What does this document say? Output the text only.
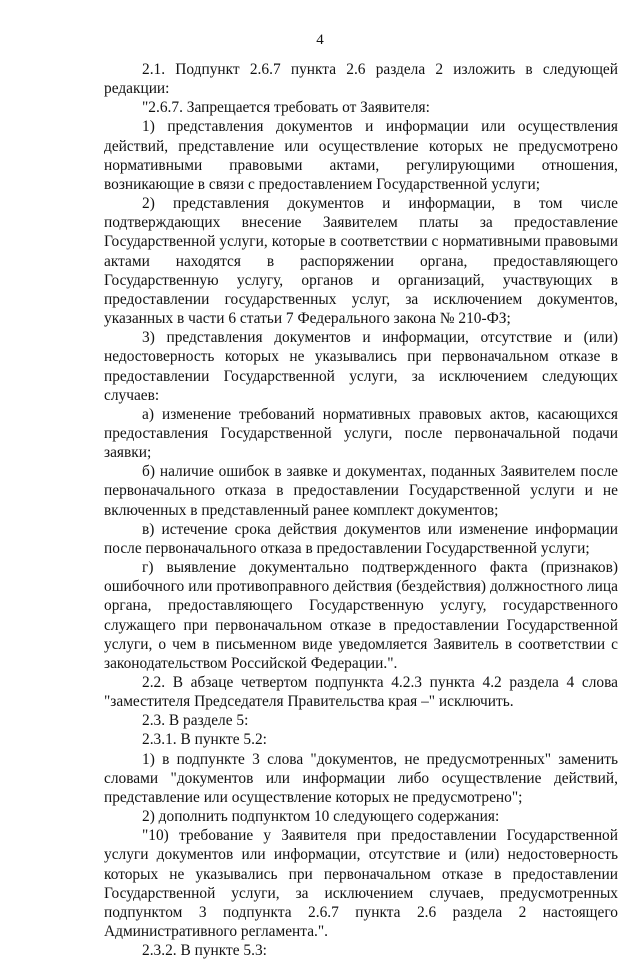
4

2.1. Подпункт 2.6.7 пункта 2.6 раздела 2 изложить в следующей редакции:

"2.6.7. Запрещается требовать от Заявителя:

1) представления документов и информации или осуществления действий, представление или осуществление которых не предусмотрено нормативными правовыми актами, регулирующими отношения, возникающие в связи с предоставлением Государственной услуги;

2) представления документов и информации, в том числе подтверждающих внесение Заявителем платы за предоставление Государственной услуги, которые в соответствии с нормативными правовыми актами находятся в распоряжении органа, предоставляющего Государственную услугу, органов и организаций, участвующих в предоставлении государственных услуг, за исключением документов, указанных в части 6 статьи 7 Федерального закона № 210-ФЗ;

3) представления документов и информации, отсутствие и (или) недостоверность которых не указывались при первоначальном отказе в предоставлении Государственной услуги, за исключением следующих случаев:

а) изменение требований нормативных правовых актов, касающихся предоставления Государственной услуги, после первоначальной подачи заявки;

б) наличие ошибок в заявке и документах, поданных Заявителем после первоначального отказа в предоставлении Государственной услуги и не включенных в представленный ранее комплект документов;

в) истечение срока действия документов или изменение информации после первоначального отказа в предоставлении Государственной услуги;

г) выявление документально подтвержденного факта (признаков) ошибочного или противоправного действия (бездействия) должностного лица органа, предоставляющего Государственную услугу, государственного служащего при первоначальном отказе в предоставлении Государственной услуги, о чем в письменном виде уведомляется Заявитель в соответствии с законодательством Российской Федерации.".

2.2. В абзаце четвертом подпункта 4.2.3 пункта 4.2 раздела 4 слова "заместителя Председателя Правительства края –" исключить.

2.3. В разделе 5:

2.3.1. В пункте 5.2:

1) в подпункте 3 слова "документов, не предусмотренных" заменить словами "документов или информации либо осуществление действий, представление или осуществление которых не предусмотрено";

2) дополнить подпунктом 10 следующего содержания:

"10) требование у Заявителя при предоставлении Государственной услуги документов или информации, отсутствие и (или) недостоверность которых не указывались при первоначальном отказе в предоставлении Государственной услуги, за исключением случаев, предусмотренных подпунктом 3 подпункта 2.6.7 пункта 2.6 раздела 2 настоящего Административного регламента.".

2.3.2. В пункте 5.3:
